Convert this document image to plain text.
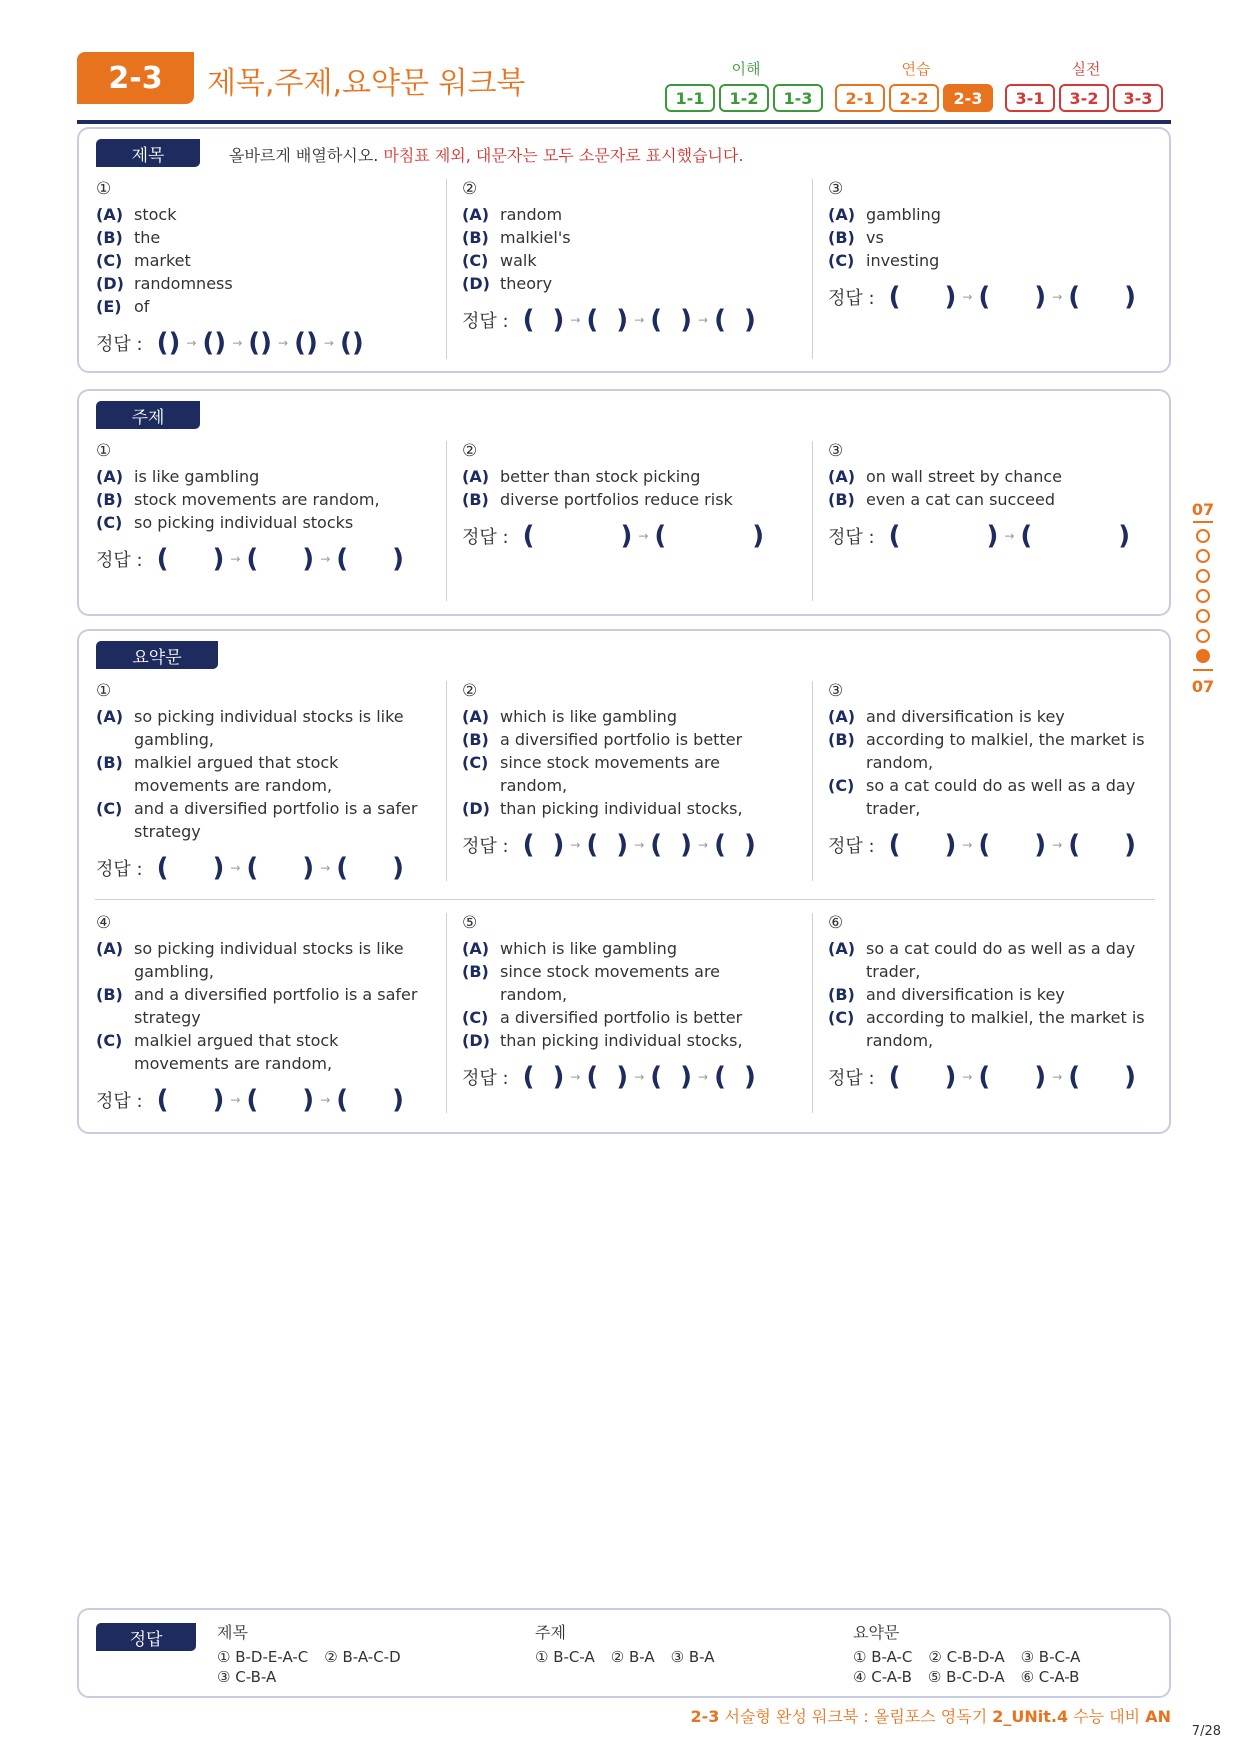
2-3	제목,주제,요약문 워크북	이해
1-1	1-2	1-3
연습
2-1	2-2	2-3
실전
3-1	3-2	3-3
제목	올바르게 배열하시오. 마침표 제외, 대문자는 모두 소문자로 표시했습니다.
①
(A) stock
(B) the
(C) market
(D) randomness
(E) of
정답 : ( ) → ( ) → ( ) → ( ) → ( )
②
(A) random
(B) malkiel's
(C) walk
(D) theory
정답 : ( ) → ( ) → ( ) → ( )
③
(A) gambling
(B) vs
(C) investing
정답 : ( ) → ( ) → ( )
주제
①
(A) is like gambling
(B) stock movements are random,
(C) so picking individual stocks
정답 : ( ) → ( ) → ( )
②
(A) better than stock picking
(B) diverse portfolios reduce risk
정답 : (	) → (	)
③
(A) on wall street by chance
(B) even a cat can succeed
정답 : (	) → (	)
요약문
①
(A) so picking individual stocks is like gambling,
(B) malkiel argued that stock movements are random,
(C) and a diversified portfolio is a safer strategy
정답 : ( ) → ( ) → ( )
②
(A) which is like gambling
(B) a diversified portfolio is better
(C) since stock movements are random,
(D) than picking individual stocks,
정답 : ( ) → ( ) → ( ) → ( )
③
(A) and diversification is key
(B) according to malkiel, the market is random,
(C) so a cat could do as well as a day trader,
정답 : ( ) → ( ) → ( )
④
(A) so picking individual stocks is like gambling,
(B) and a diversified portfolio is a safer strategy
(C) malkiel argued that stock movements are random,
정답 : ( ) → ( ) → ( )
⑤
(A) which is like gambling
(B) since stock movements are random,
(C) a diversified portfolio is better
(D) than picking individual stocks,
정답 : ( ) → ( ) → ( ) → ( )
⑥
(A) so a cat could do as well as a day trader,
(B) and diversification is key
(C) according to malkiel, the market is random,
정답 : ( ) → ( ) → ( )
07
07
정답	제목
① B-D-E-A-C ② B-A-C-D
③ C-B-A
주제
① B-C-A ② B-A ③ B-A
요약문
① B-A-C ② C-B-D-A ③ B-C-A
④ C-A-B ⑤ B-C-D-A ⑥ C-A-B
2-3 서술형 완성 워크북 : 올림포스 영독기 2_UNit.4 수능 대비 AN
7/28
